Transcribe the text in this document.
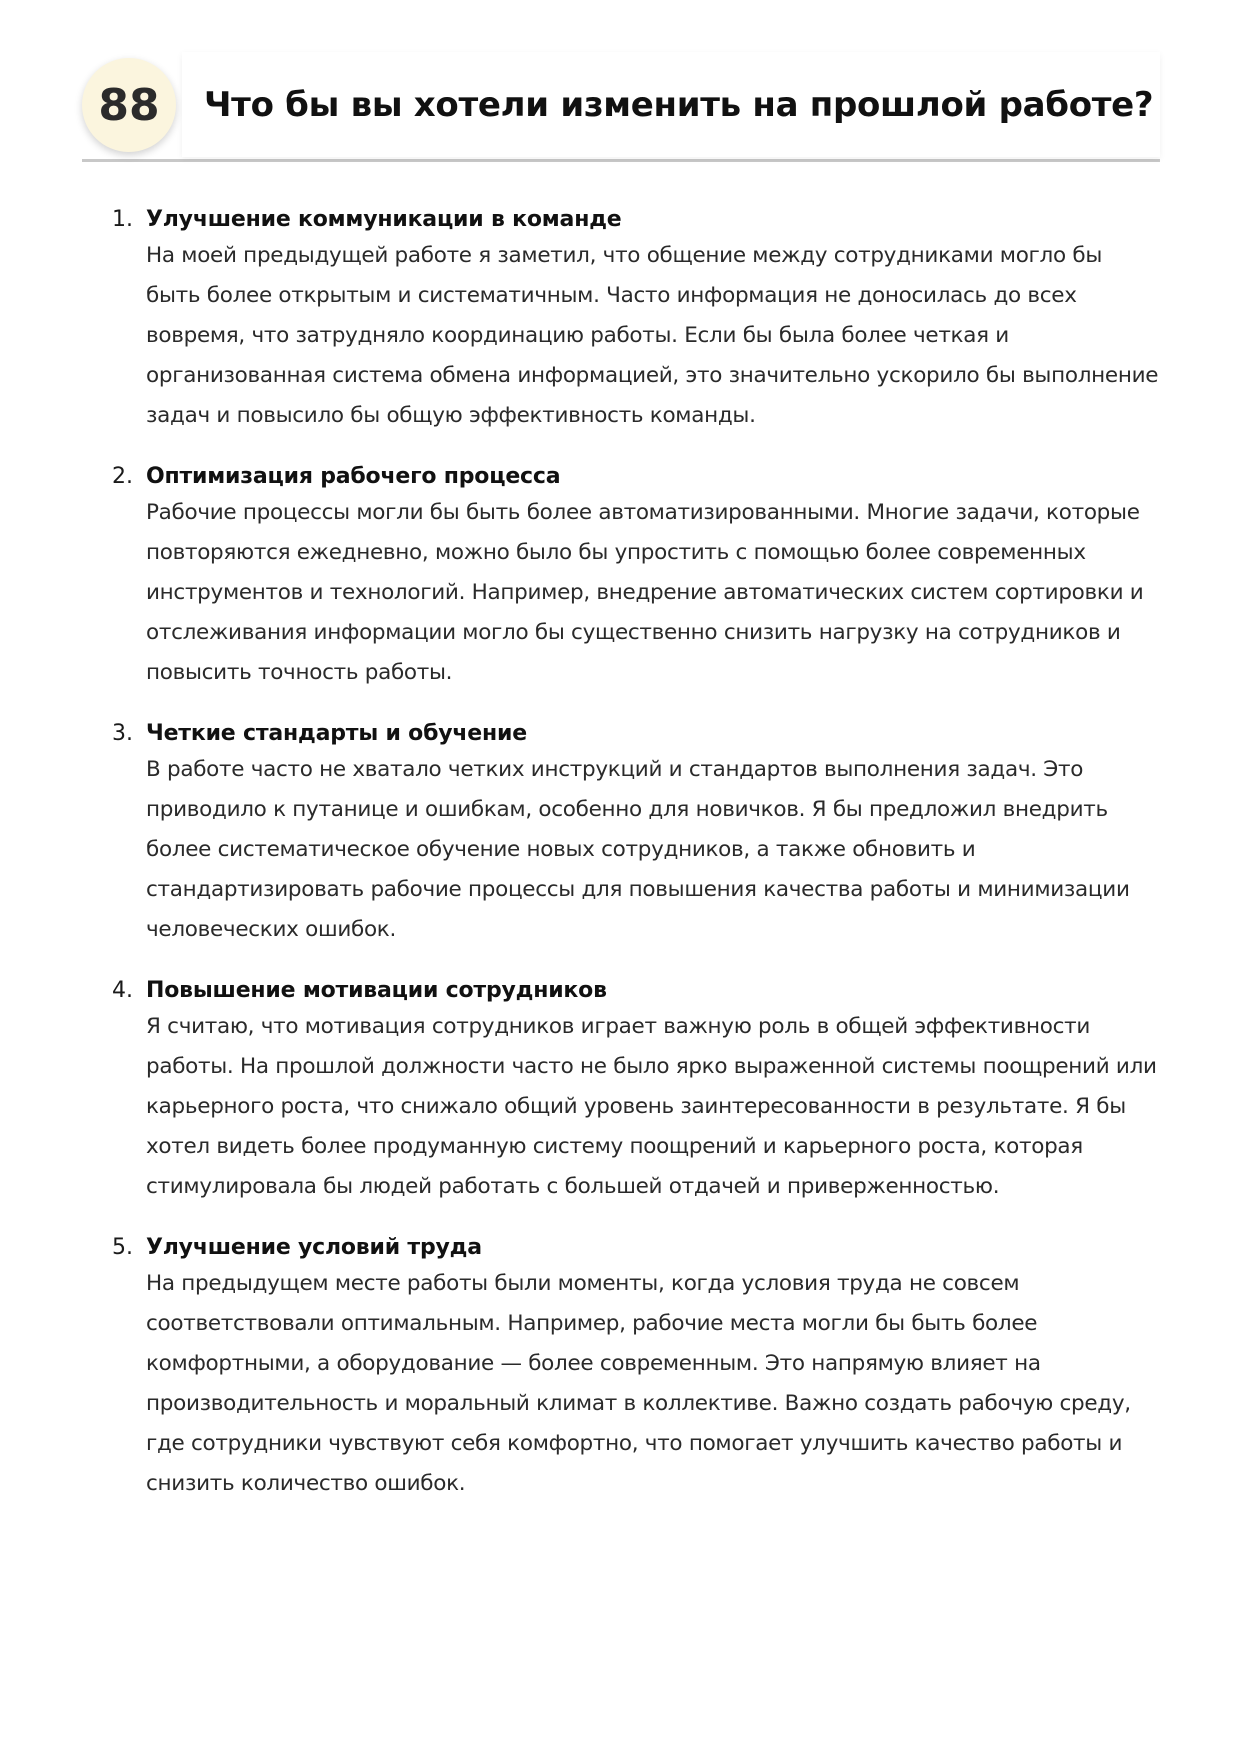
88	Что бы вы хотели изменить на прошлой работе?
1. Улучшение коммуникации в команде
На моей предыдущей работе я заметил, что общение между сотрудниками могло бы быть более открытым и систематичным. Часто информация не доносилась до всех вовремя, что затрудняло координацию работы. Если бы была более четкая и организованная система обмена информацией, это значительно ускорило бы выполнение задач и повысило бы общую эффективность команды.
2. Оптимизация рабочего процесса
Рабочие процессы могли бы быть более автоматизированными. Многие задачи, которые повторяются ежедневно, можно было бы упростить с помощью более современных инструментов и технологий. Например, внедрение автоматических систем сортировки и отслеживания информации могло бы существенно снизить нагрузку на сотрудников и повысить точность работы.
3. Четкие стандарты и обучение
В работе часто не хватало четких инструкций и стандартов выполнения задач. Это приводило к путанице и ошибкам, особенно для новичков. Я бы предложил внедрить более систематическое обучение новых сотрудников, а также обновить и стандартизировать рабочие процессы для повышения качества работы и минимизации человеческих ошибок.
4. Повышение мотивации сотрудников
Я считаю, что мотивация сотрудников играет важную роль в общей эффективности работы. На прошлой должности часто не было ярко выраженной системы поощрений или карьерного роста, что снижало общий уровень заинтересованности в результате. Я бы хотел видеть более продуманную систему поощрений и карьерного роста, которая стимулировала бы людей работать с большей отдачей и приверженностью.
5. Улучшение условий труда
На предыдущем месте работы были моменты, когда условия труда не совсем соответствовали оптимальным. Например, рабочие места могли бы быть более комфортными, а оборудование — более современным. Это напрямую влияет на производительность и моральный климат в коллективе. Важно создать рабочую среду, где сотрудники чувствуют себя комфортно, что помогает улучшить качество работы и снизить количество ошибок.
